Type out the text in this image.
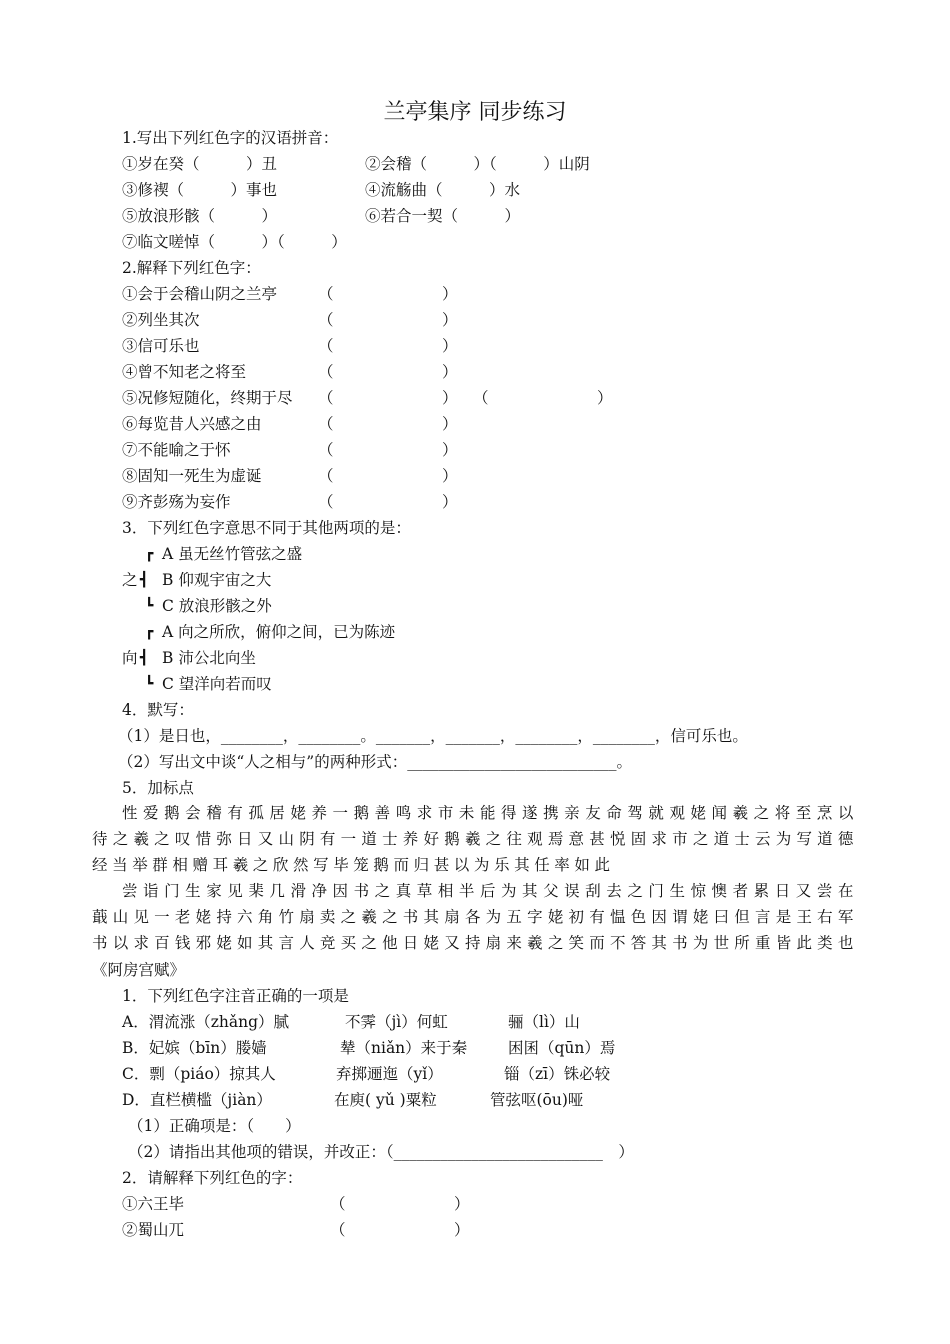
兰亭集序 同步练习
1.写出下列红色字的汉语拼音：
①岁在癸（　　　）丑	②会稽（　　　）（　　　）山阴
③修禊（　　　）事也	④流觞曲（　　　）水
⑤放浪形骸（　　　）	⑥若合一契（　　　）
⑦临文嗟悼（　　　）（　　　）
2.解释下列红色字：
①会于会稽山阴之兰亭	（　　　　　　　）
②列坐其次	（　　　　　　　）
③信可乐也	（　　　　　　　）
④曾不知老之将至	（　　　　　　　）
⑤况修短随化，终期于尽 （　　　　　　　）　　（　　　　　　　）
⑥每览昔人兴感之由	（　　　　　　　）
⑦不能喻之于怀	（　　　　　　　）
⑧固知一死生为虚诞	（　　　　　　　）
⑨齐彭殇为妄作	（　　　　　　　）
3．下列红色字意思不同于其他两项的是：
┏ A 虽无丝竹管弦之盛
之 ┫ B 仰观宇宙之大
┗ C 放浪形骸之外
┏ A 向之所欣，俯仰之间，已为陈迹
向 ┫ B 沛公北向坐
┗ C 望洋向若而叹
4．默写：
（1）是日也，________，________。_______，_______，________，________，信可乐也。
（2）写出文中谈“人之相与”的两种形式：___________________________。
5．加标点
性爱鹅会稽有孤居姥养一鹅善鸣求市未能得遂携亲友命驾就观姥闻羲之将至烹以
待之羲之叹惜弥日又山阴有一道士养好鹅羲之往观焉意甚悦固求市之道士云为写道德
经当举群相赠耳羲之欣然写毕笼鹅而归甚以为乐其任率如此
尝诣门生家见棐几滑净因书之真草相半后为其父误刮去之门生惊懊者累日又尝在
蕺山见一老姥持六角竹扇卖之羲之书其扇各为五字姥初有愠色因谓姥曰但言是王右军
书以求百钱邪姥如其言人竞买之他日姥又持扇来羲之笑而不答其书为世所重皆此类也
《阿房宫赋》
1．下列红色字注音正确的一项是
A．渭流涨（zhǎng）腻	不霁（jì）何虹	骊（lì）山
B．妃嫔（bīn）媵嫱	辇（niǎn）来于秦	困囷（qūn）焉
C．剽（piáo）掠其人	弃掷逦迤（yǐ）	锱（zī）铢必较
D．直栏横槛（jiàn）	在庾( yǔ )粟粒	管弦呕(ōu)哑
（1）正确项是：（　　）
（2）请指出其他项的错误，并改正：（___________________________　）
2．请解释下列红色的字：
①六王毕	（　　　　　　　）
②蜀山兀	（　　　　　　　）
